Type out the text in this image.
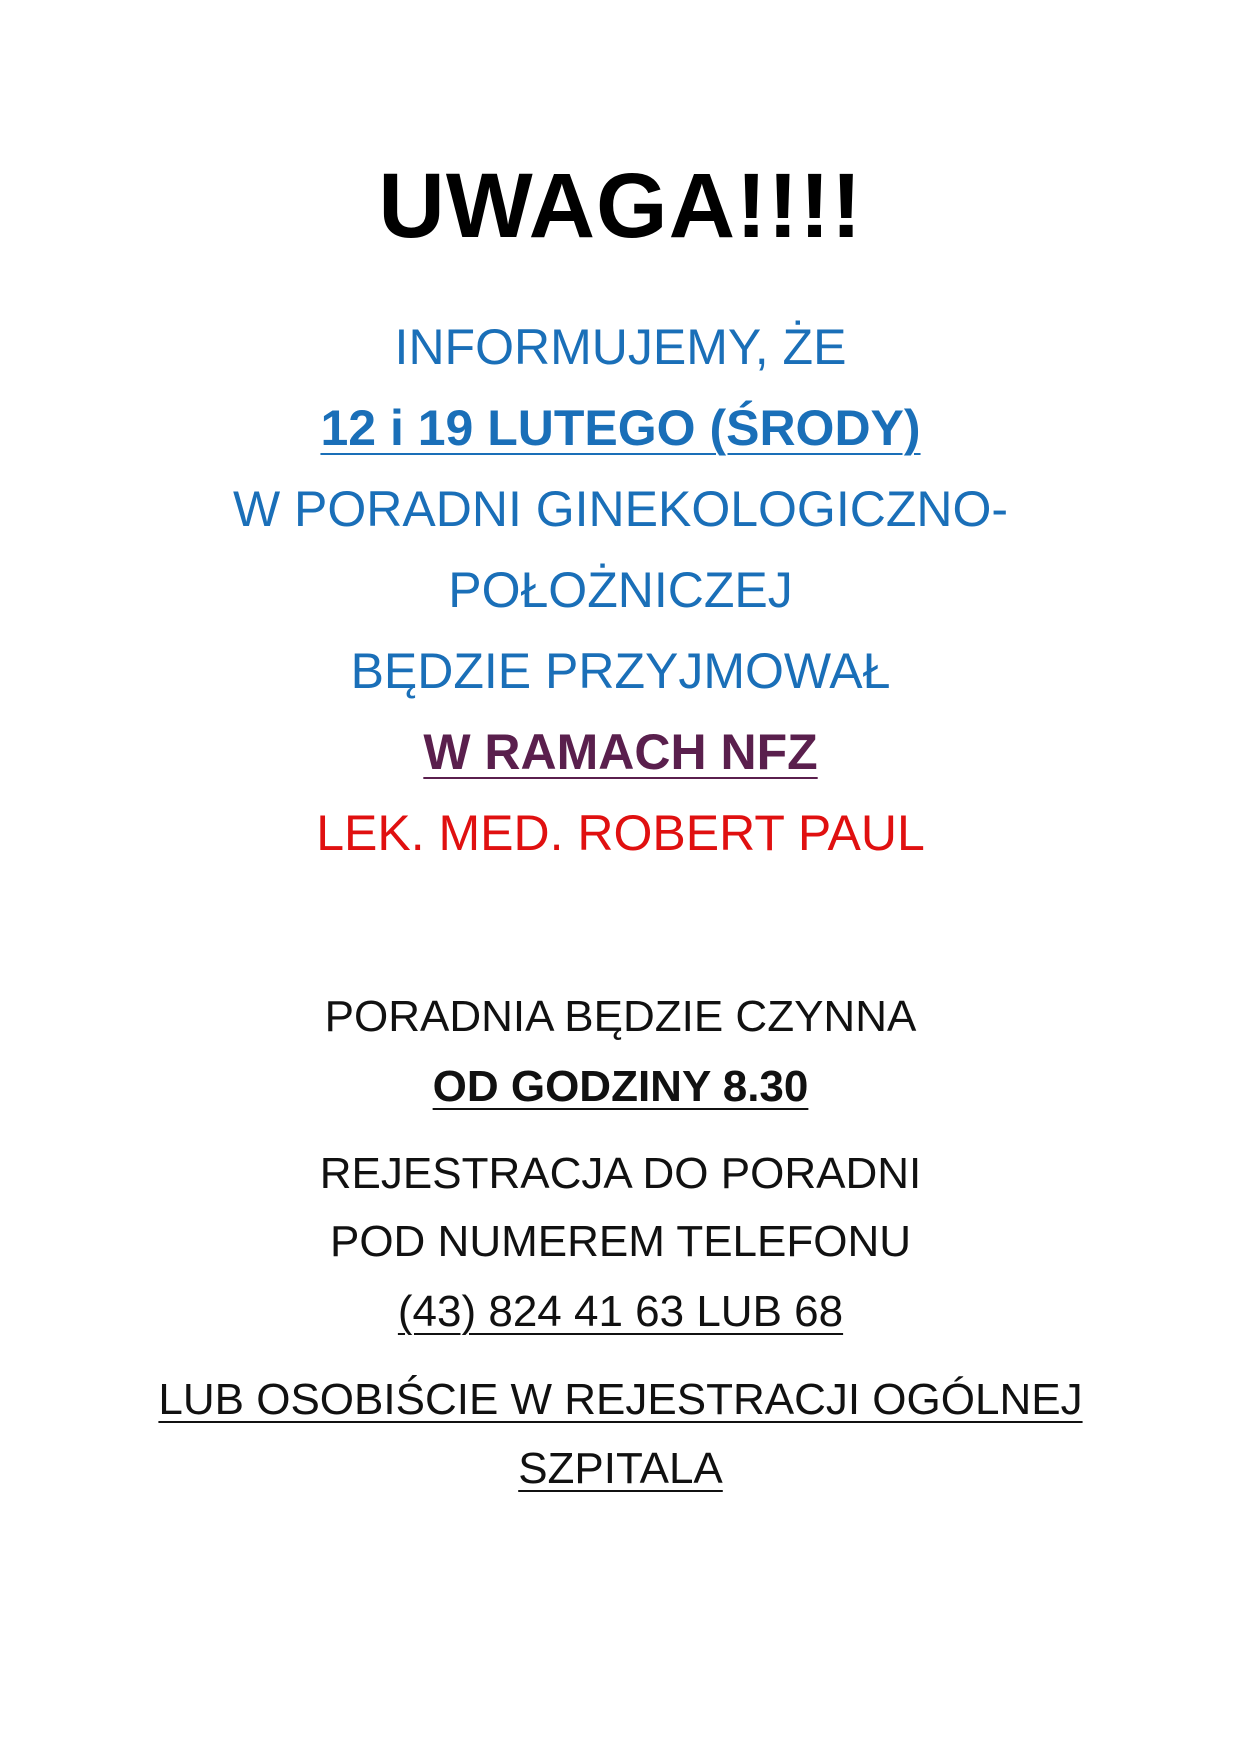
UWAGA!!!!
INFORMUJEMY, ŻE
12 i 19 LUTEGO (ŚRODY)
W PORADNI GINEKOLOGICZNO-
POŁOŻNICZEJ
BĘDZIE PRZYJMOWAŁ
W RAMACH NFZ
LEK. MED. ROBERT PAUL
PORADNIA BĘDZIE CZYNNA
OD GODZINY 8.30
REJESTRACJA DO PORADNI
POD NUMEREM TELEFONU
(43) 824 41 63 LUB 68
LUB OSOBIŚCIE W REJESTRACJI OGÓLNEJ
SZPITALA
